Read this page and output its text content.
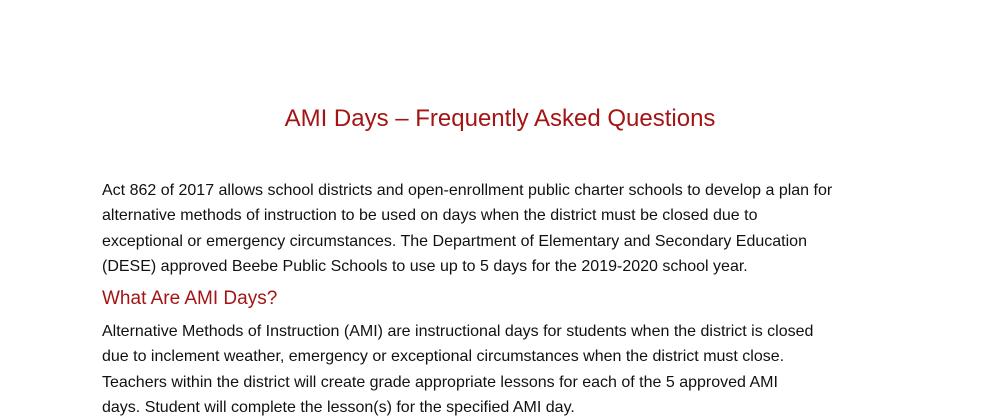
AMI Days – Frequently Asked Questions

Act 862 of 2017 allows school districts and open-enrollment public charter schools to develop a plan for
alternative methods of instruction to be used on days when the district must be closed due to
exceptional or emergency circumstances. The Department of Elementary and Secondary Education
(DESE) approved Beebe Public Schools to use up to 5 days for the 2019-2020 school year.

What Are AMI Days?

Alternative Methods of Instruction (AMI) are instructional days for students when the district is closed
due to inclement weather, emergency or exceptional circumstances when the district must close.
Teachers within the district will create grade appropriate lessons for each of the 5 approved AMI
days. Student will complete the lesson(s) for the specified AMI day.
